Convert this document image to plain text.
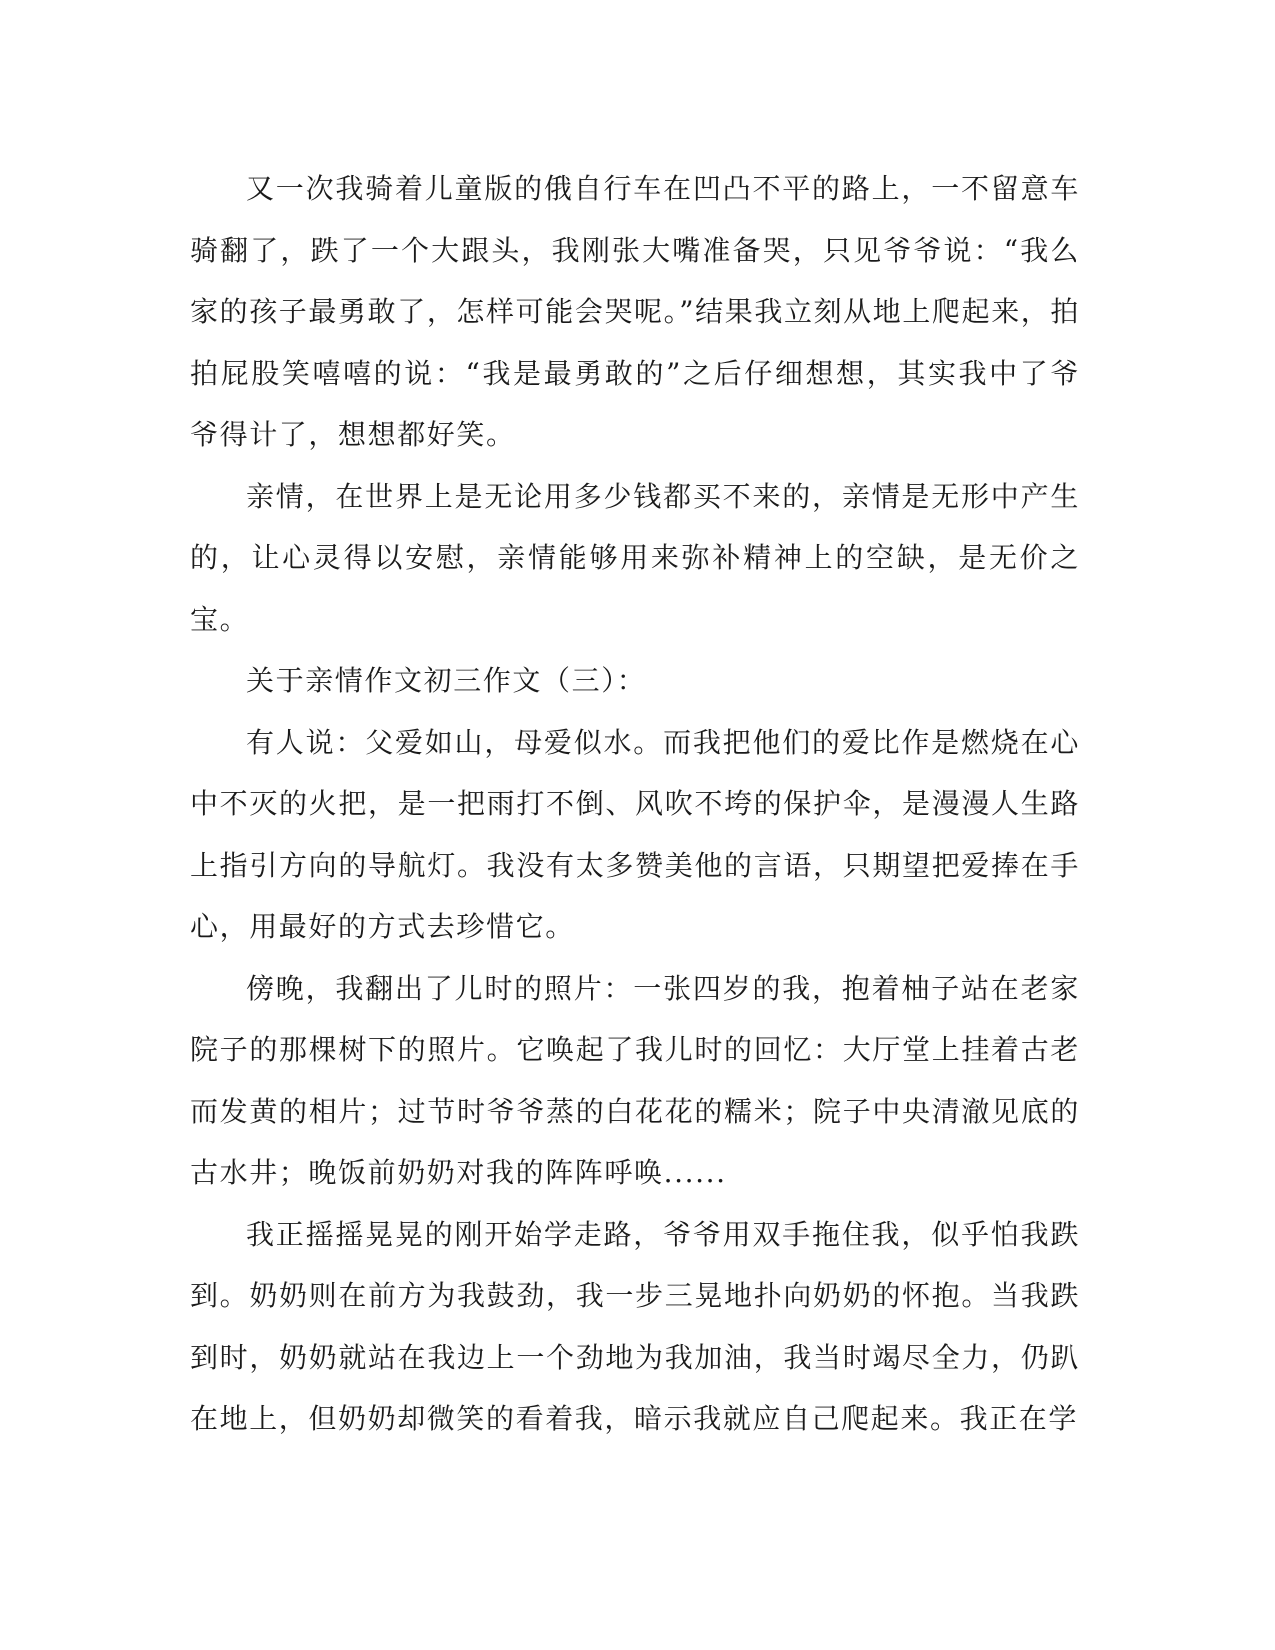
又一次我骑着儿童版的俄自行车在凹凸不平的路上，一不留意车骑翻了，跌了一个大跟头，我刚张大嘴准备哭，只见爷爷说：“我么家的孩子最勇敢了，怎样可能会哭呢。”结果我立刻从地上爬起来，拍拍屁股笑嘻嘻的说：“我是最勇敢的”之后仔细想想，其实我中了爷爷得计了，想想都好笑。

亲情，在世界上是无论用多少钱都买不来的，亲情是无形中产生的，让心灵得以安慰，亲情能够用来弥补精神上的空缺，是无价之宝。

关于亲情作文初三作文（三）：

有人说：父爱如山，母爱似水。而我把他们的爱比作是燃烧在心中不灭的火把，是一把雨打不倒、风吹不垮的保护伞，是漫漫人生路上指引方向的导航灯。我没有太多赞美他的言语，只期望把爱捧在手心，用最好的方式去珍惜它。

傍晚，我翻出了儿时的照片：一张四岁的我，抱着柚子站在老家院子的那棵树下的照片。它唤起了我儿时的回忆：大厅堂上挂着古老而发黄的相片；过节时爷爷蒸的白花花的糯米；院子中央清澈见底的古水井；晚饭前奶奶对我的阵阵呼唤......

我正摇摇晃晃的刚开始学走路，爷爷用双手拖住我，似乎怕我跌到。奶奶则在前方为我鼓劲，我一步三晃地扑向奶奶的怀抱。当我跌到时，奶奶就站在我边上一个劲地为我加油，我当时竭尽全力，仍趴在地上，但奶奶却微笑的看着我，暗示我就应自己爬起来。我正在学
